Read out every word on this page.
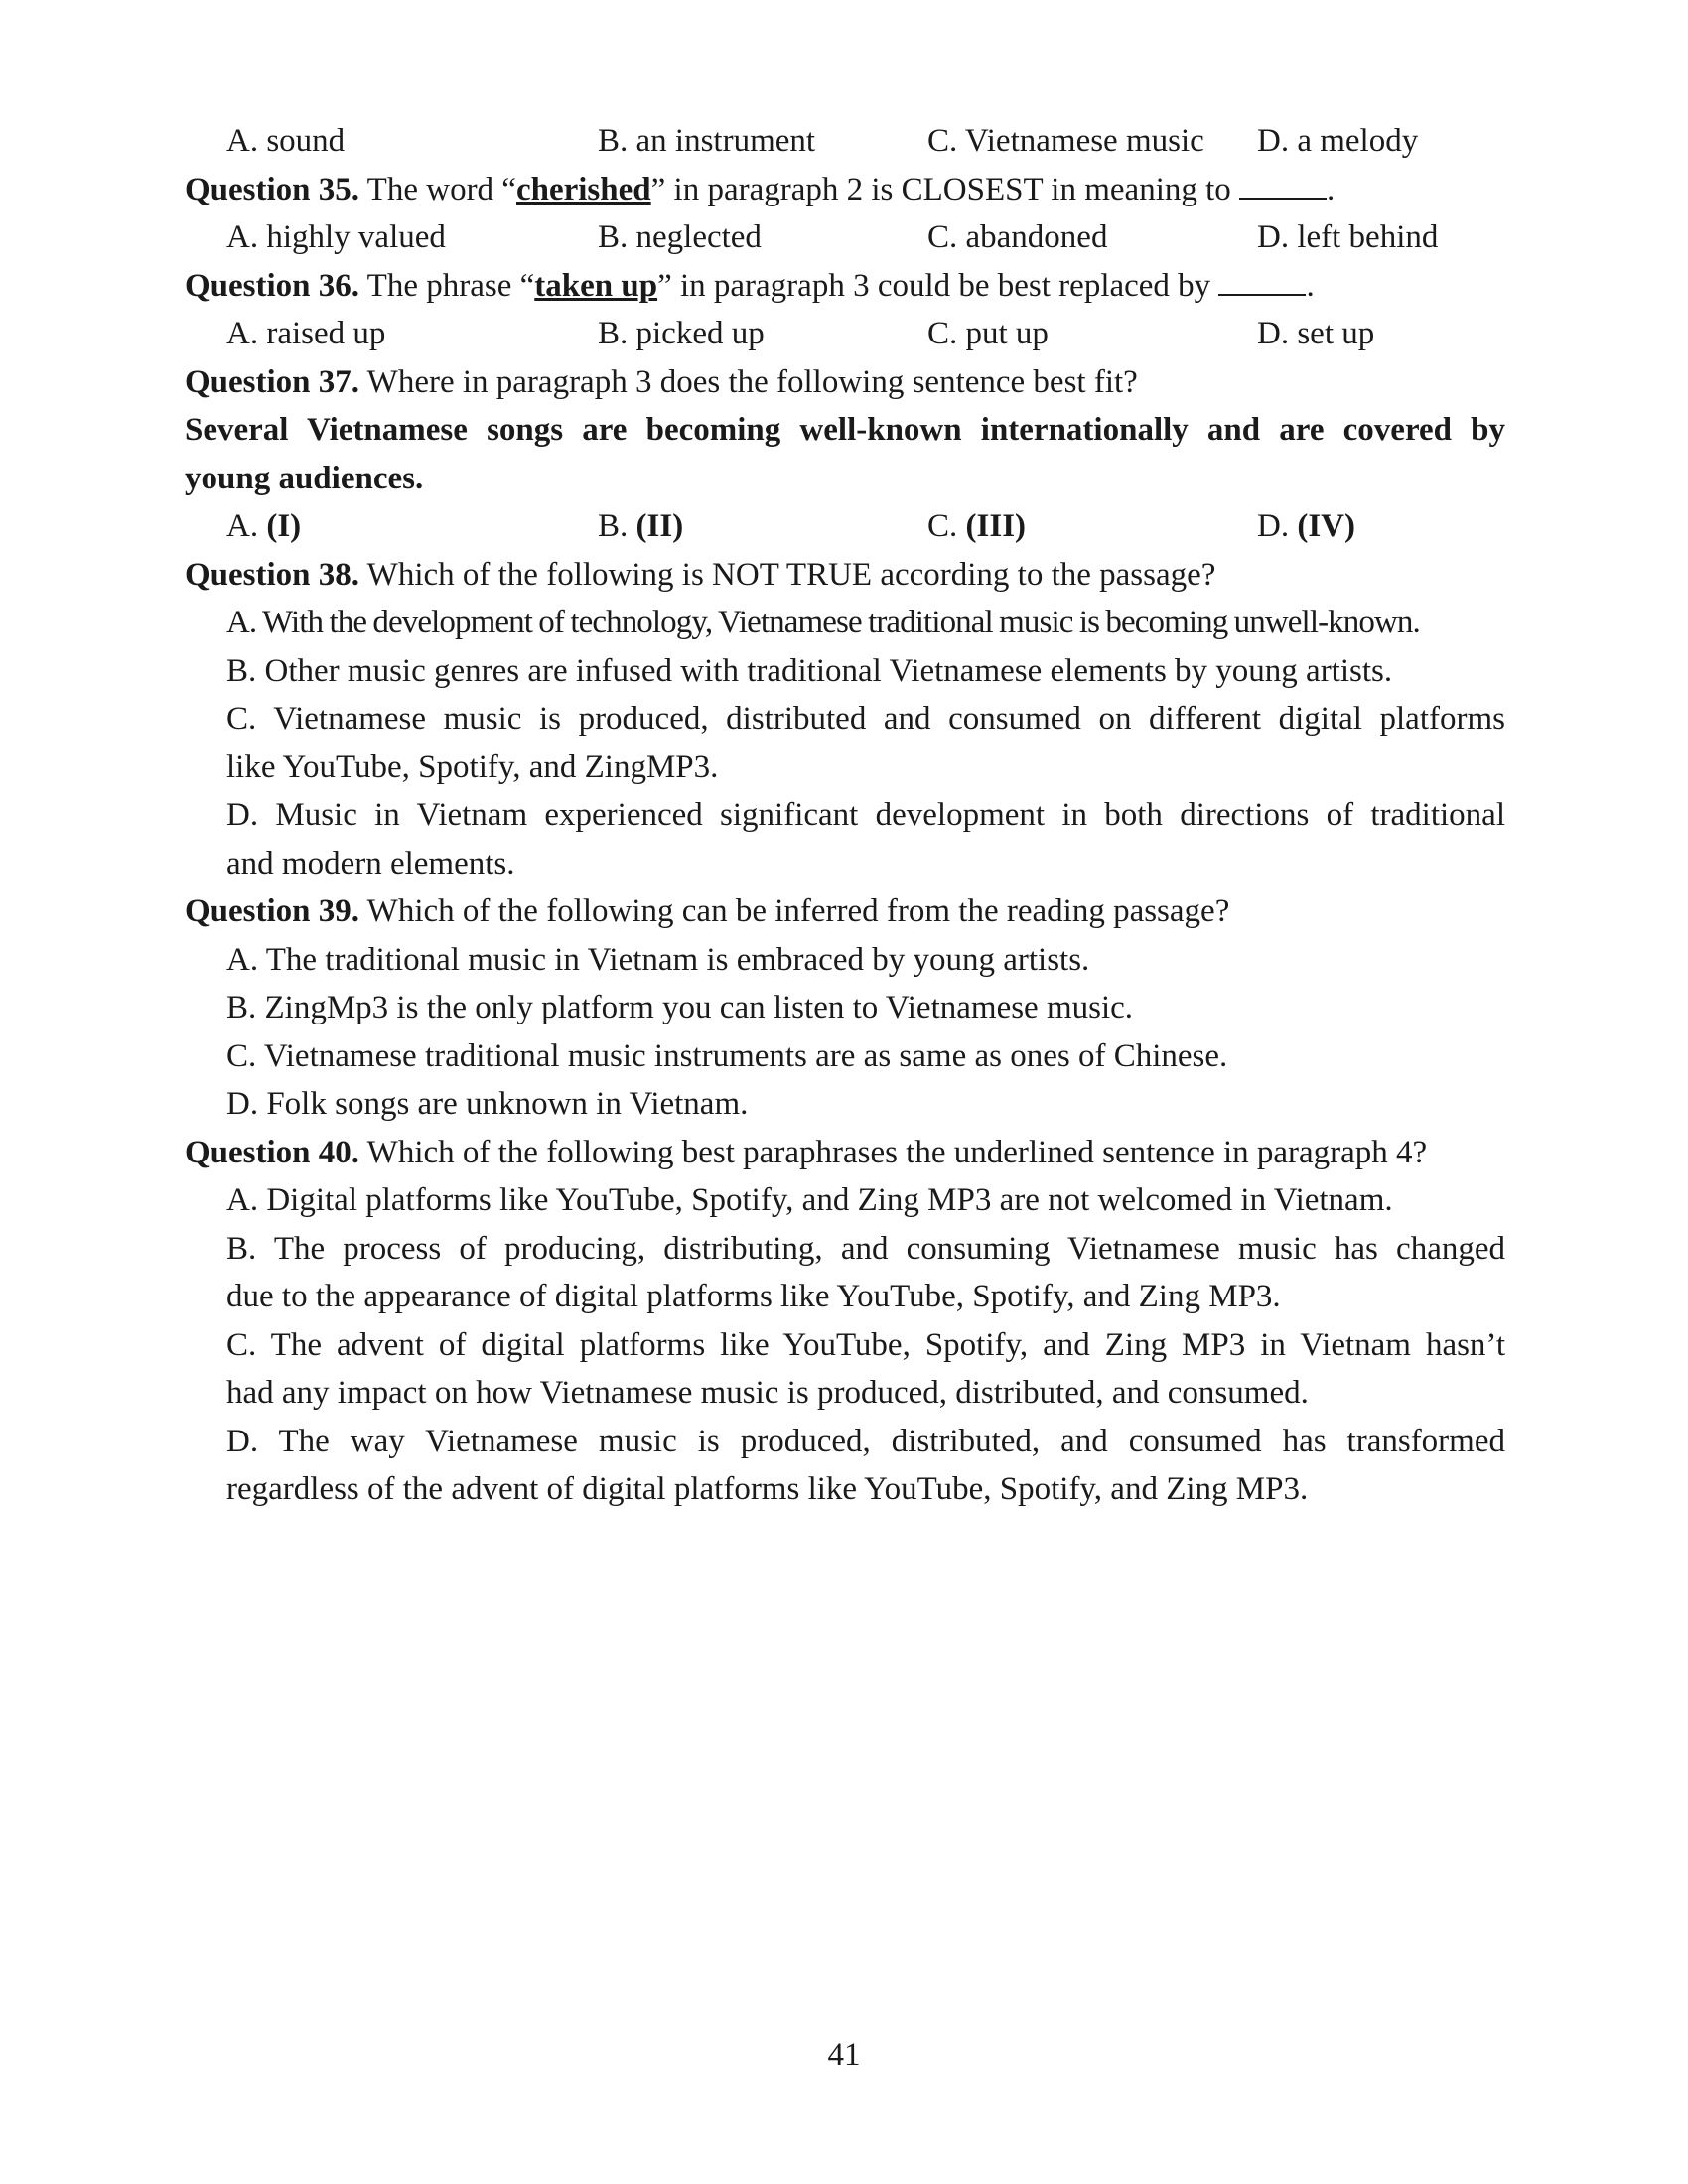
A. sound	B. an instrument	C. Vietnamese music	D. a melody
Question 35. The word “cherished” in paragraph 2 is CLOSEST in meaning to	.
A. highly valued	B. neglected	C. abandoned	D. left behind
Question 36. The phrase “taken up” in paragraph 3 could be best replaced by	.
A. raised up	B. picked up	C. put up	D. set up
Question 37. Where in paragraph 3 does the following sentence best fit?
Several Vietnamese songs are becoming well-known internationally and are covered by
young audiences.
A. (I)	B. (II)	C. (III)	D. (IV)
Question 38. Which of the following is NOT TRUE according to the passage?
A. With the development of technology, Vietnamese traditional music is becoming unwell-known.
B. Other music genres are infused with traditional Vietnamese elements by young artists.
C. Vietnamese music is produced, distributed and consumed on different digital platforms
like YouTube, Spotify, and ZingMP3.
D. Music in Vietnam experienced significant development in both directions of traditional
and modern elements.
Question 39. Which of the following can be inferred from the reading passage?
A. The traditional music in Vietnam is embraced by young artists.
B. ZingMp3 is the only platform you can listen to Vietnamese music.
C. Vietnamese traditional music instruments are as same as ones of Chinese.
D. Folk songs are unknown in Vietnam.
Question 40. Which of the following best paraphrases the underlined sentence in paragraph 4?
A. Digital platforms like YouTube, Spotify, and Zing MP3 are not welcomed in Vietnam.
B. The process of producing, distributing, and consuming Vietnamese music has changed
due to the appearance of digital platforms like YouTube, Spotify, and Zing MP3.
C. The advent of digital platforms like YouTube, Spotify, and Zing MP3 in Vietnam hasn’t
had any impact on how Vietnamese music is produced, distributed, and consumed.
D. The way Vietnamese music is produced, distributed, and consumed has transformed
regardless of the advent of digital platforms like YouTube, Spotify, and Zing MP3.
41
